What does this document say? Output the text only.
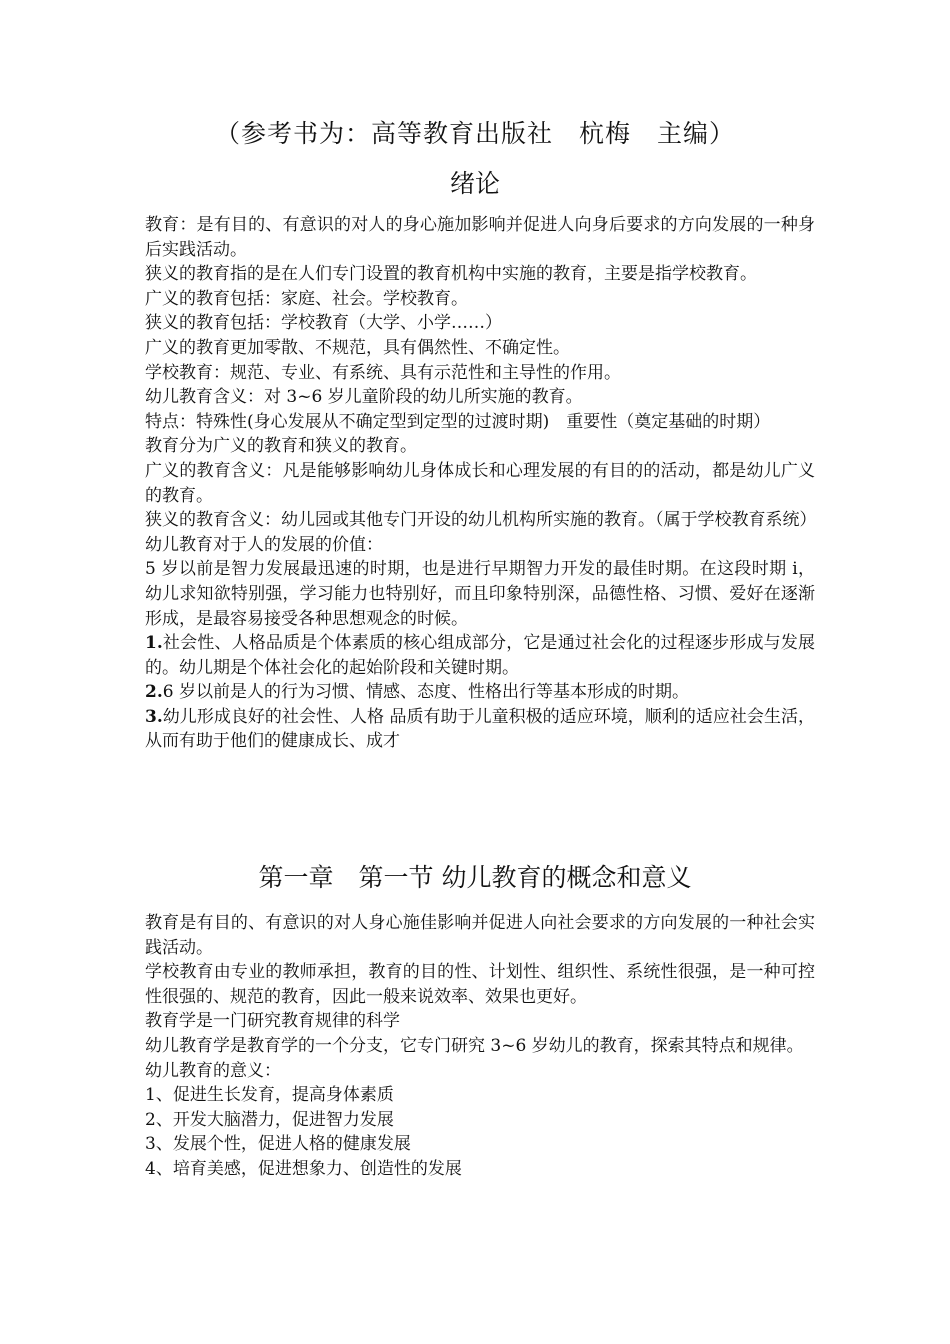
（参考书为：高等教育出版社　杭梅　主编）
绪论

教育：是有目的、有意识的对人的身心施加影响并促进人向身后要求的方向发展的一种身后实践活动。

狭义的教育指的是在人们专门设置的教育机构中实施的教育，主要是指学校教育。

广义的教育包括：家庭、社会。学校教育。

狭义的教育包括：学校教育（大学、小学……）

广义的教育更加零散、不规范，具有偶然性、不确定性。

学校教育：规范、专业、有系统、具有示范性和主导性的作用。

幼儿教育含义：对 3~6 岁儿童阶段的幼儿所实施的教育。

特点：特殊性(身心发展从不确定型到定型的过渡时期)　重要性（奠定基础的时期）

教育分为广义的教育和狭义的教育。

广义的教育含义：凡是能够影响幼儿身体成长和心理发展的有目的的活动，都是幼儿广义的教育。

狭义的教育含义：幼儿园或其他专门开设的幼儿机构所实施的教育。（属于学校教育系统）

幼儿教育对于人的发展的价值：

5 岁以前是智力发展最迅速的时期，也是进行早期智力开发的最佳时期。在这段时期 i，幼儿求知欲特别强，学习能力也特别好，而且印象特别深，品德性格、习惯、爱好在逐渐形成，是最容易接受各种思想观念的时候。

1.社会性、人格品质是个体素质的核心组成部分，它是通过社会化的过程逐步形成与发展的。幼儿期是个体社会化的起始阶段和关键时期。

2.6 岁以前是人的行为习惯、情感、态度、性格出行等基本形成的时期。

3.幼儿形成良好的社会性、人格 品质有助于儿童积极的适应环境，顺利的适应社会生活，从而有助于他们的健康成长、成才

第一章　第一节 幼儿教育的概念和意义

教育是有目的、有意识的对人身心施佳影响并促进人向社会要求的方向发展的一种社会实践活动。

学校教育由专业的教师承担，教育的目的性、计划性、组织性、系统性很强，是一种可控性很强的、规范的教育，因此一般来说效率、效果也更好。

教育学是一门研究教育规律的科学

幼儿教育学是教育学的一个分支，它专门研究 3~6 岁幼儿的教育，探索其特点和规律。

幼儿教育的意义：

1、促进生长发育，提高身体素质

2、开发大脑潜力，促进智力发展

3、发展个性，促进人格的健康发展

4、培育美感，促进想象力、创造性的发展
